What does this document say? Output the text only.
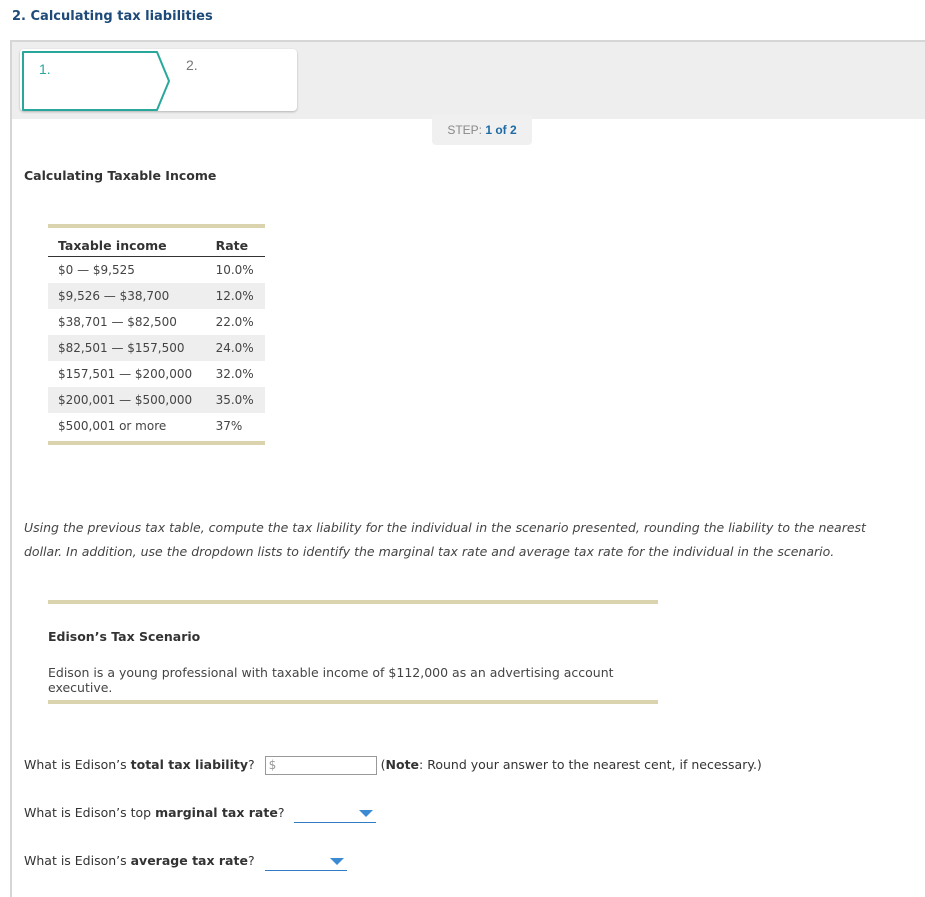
2. Calculating tax liabilities
1.	2.
STEP: 1 of 2
Calculating Taxable Income
Taxable income	Rate
$0 — $9,525	10.0%
$9,526 — $38,700	12.0%
$38,701 — $82,500	22.0%
$82,501 — $157,500	24.0%
$157,501 — $200,000	32.0%
$200,001 — $500,000	35.0%
$500,001 or more	37%

Using the previous tax table, compute the tax liability for the individual in the scenario presented, rounding the liability to the nearest dollar. In addition, use the dropdown lists to identify the marginal tax rate and average tax rate for the individual in the scenario.

Edison’s Tax Scenario

Edison is a young professional with taxable income of $112,000 as an advertising account executive.

What is Edison’s total tax liability? $	(Note: Round your answer to the nearest cent, if necessary.)
What is Edison’s top marginal tax rate?
What is Edison’s average tax rate?
